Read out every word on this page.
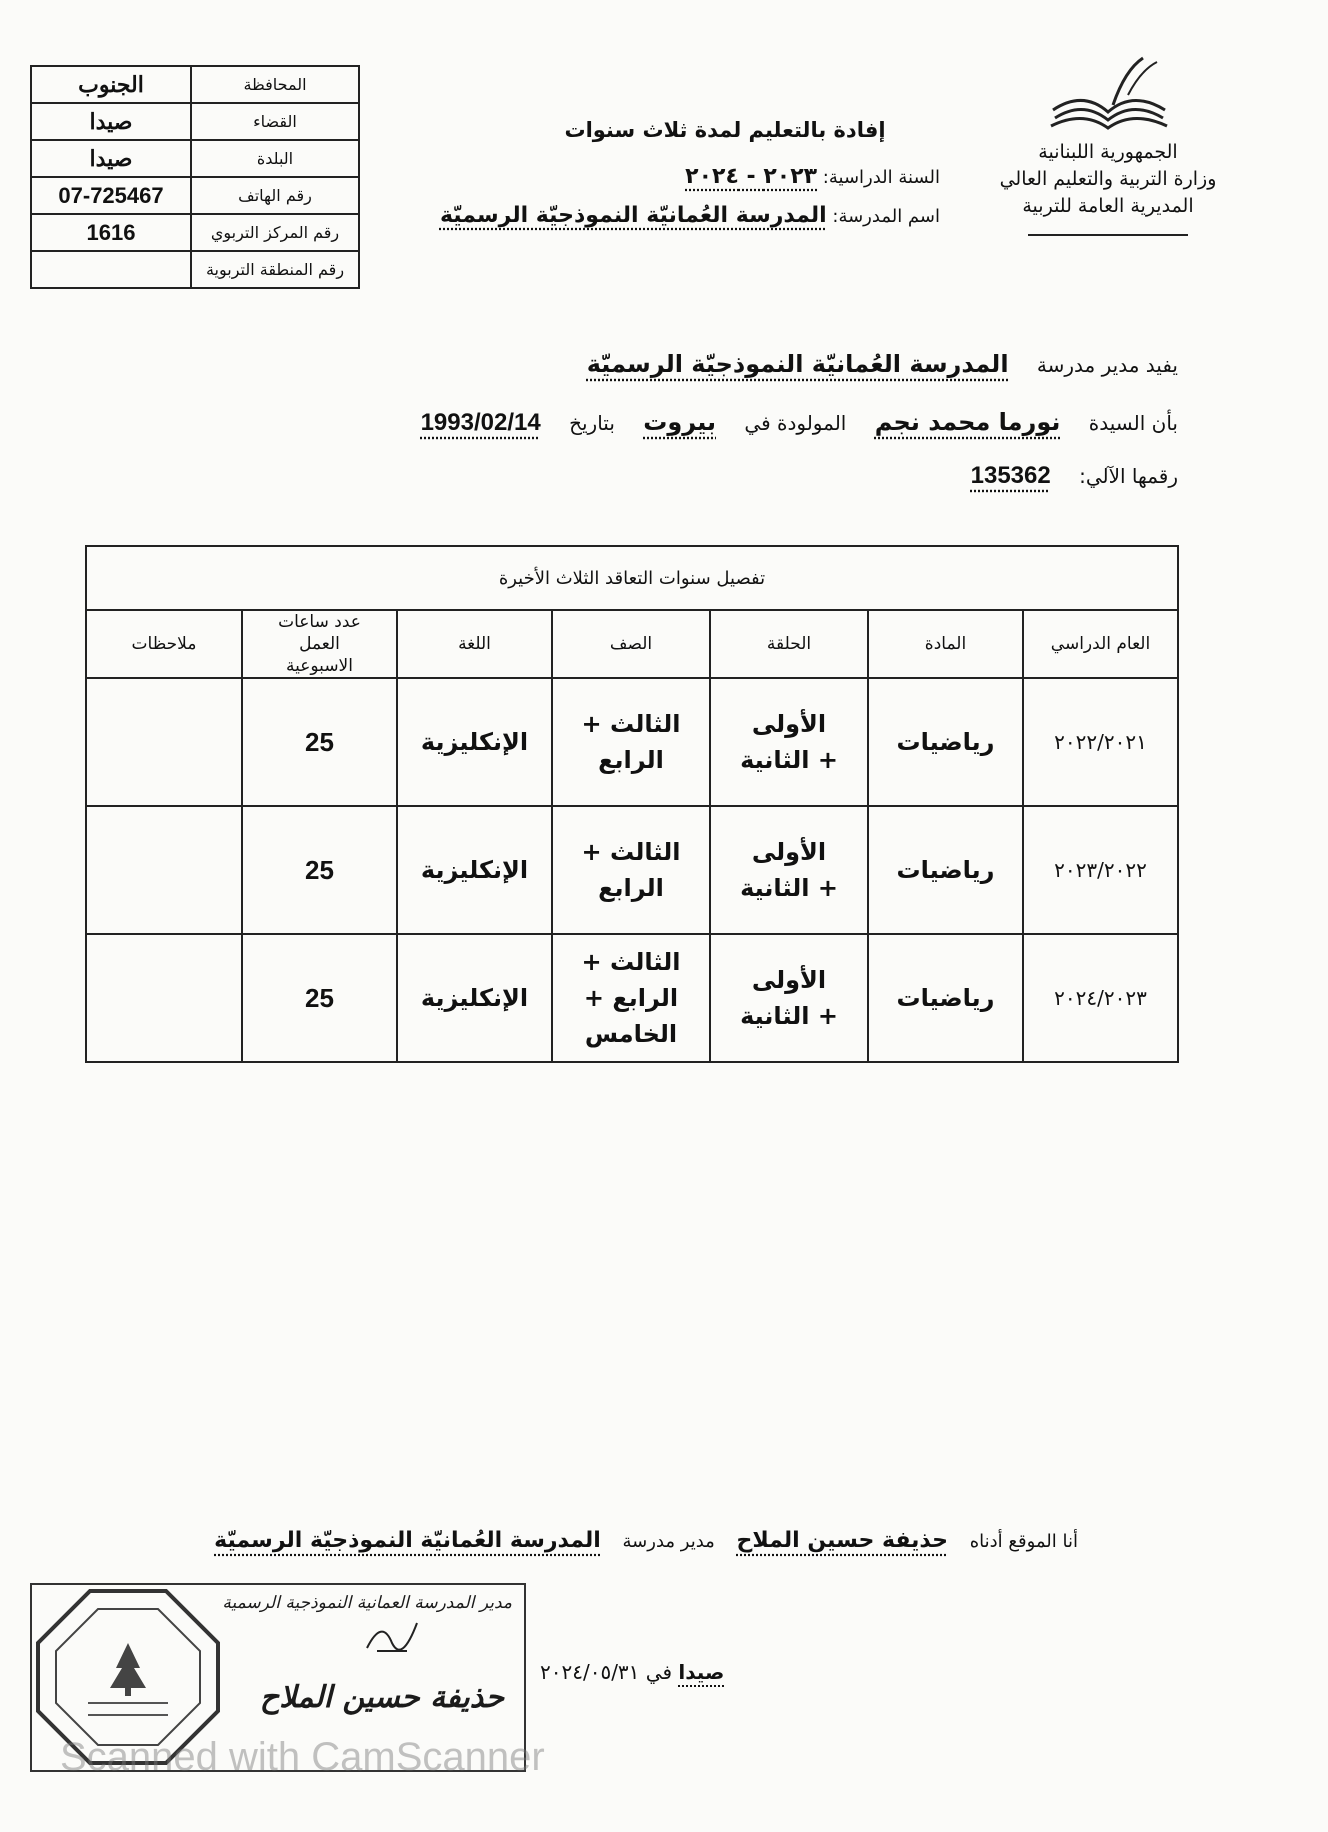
المحافظة	الجنوب
القضاء	صيدا
البلدة	صيدا
رقم الهاتف	07-725467
رقم المركز التربوي	1616
رقم المنطقة التربوية	
الجمهورية اللبنانية
وزارة التربية والتعليم العالي
المديرية العامة للتربية
إفادة بالتعليم لمدة ثلاث سنوات
السنة الدراسية: ٢٠٢٣ - ٢٠٢٤
اسم المدرسة: المدرسة العُمانيّة النموذجيّة الرسميّة
يفيد مدير مدرسة المدرسة العُمانيّة النموذجيّة الرسميّة
بأن السيدة نورما محمد نجم المولودة في بيروت بتاريخ 1993/02/14
رقمها الآلي: 135362
تفصيل سنوات التعاقد الثلاث الأخيرة						
العام الدراسي	المادة	الحلقة	الصف	اللغة	عدد ساعات العمل الاسبوعية	ملاحظات
٢٠٢٢/٢٠٢١	رياضيات	الأولى + الثانية	الثالث + الرابع	الإنكليزية	25	
٢٠٢٣/٢٠٢٢	رياضيات	الأولى + الثانية	الثالث + الرابع	الإنكليزية	25	
٢٠٢٤/٢٠٢٣	رياضيات	الأولى + الثانية	الثالث + الرابع + الخامس	الإنكليزية	25	
أنا الموقع أدناه حذيفة حسين الملاح مدير مدرسة المدرسة العُمانيّة النموذجيّة الرسميّة
مدير المدرسة العمانية النموذجية الرسمية
حذيفة حسين الملاح
صيدا في ٢٠٢٤/٠٥/٣١
Scanned with CamScanner
